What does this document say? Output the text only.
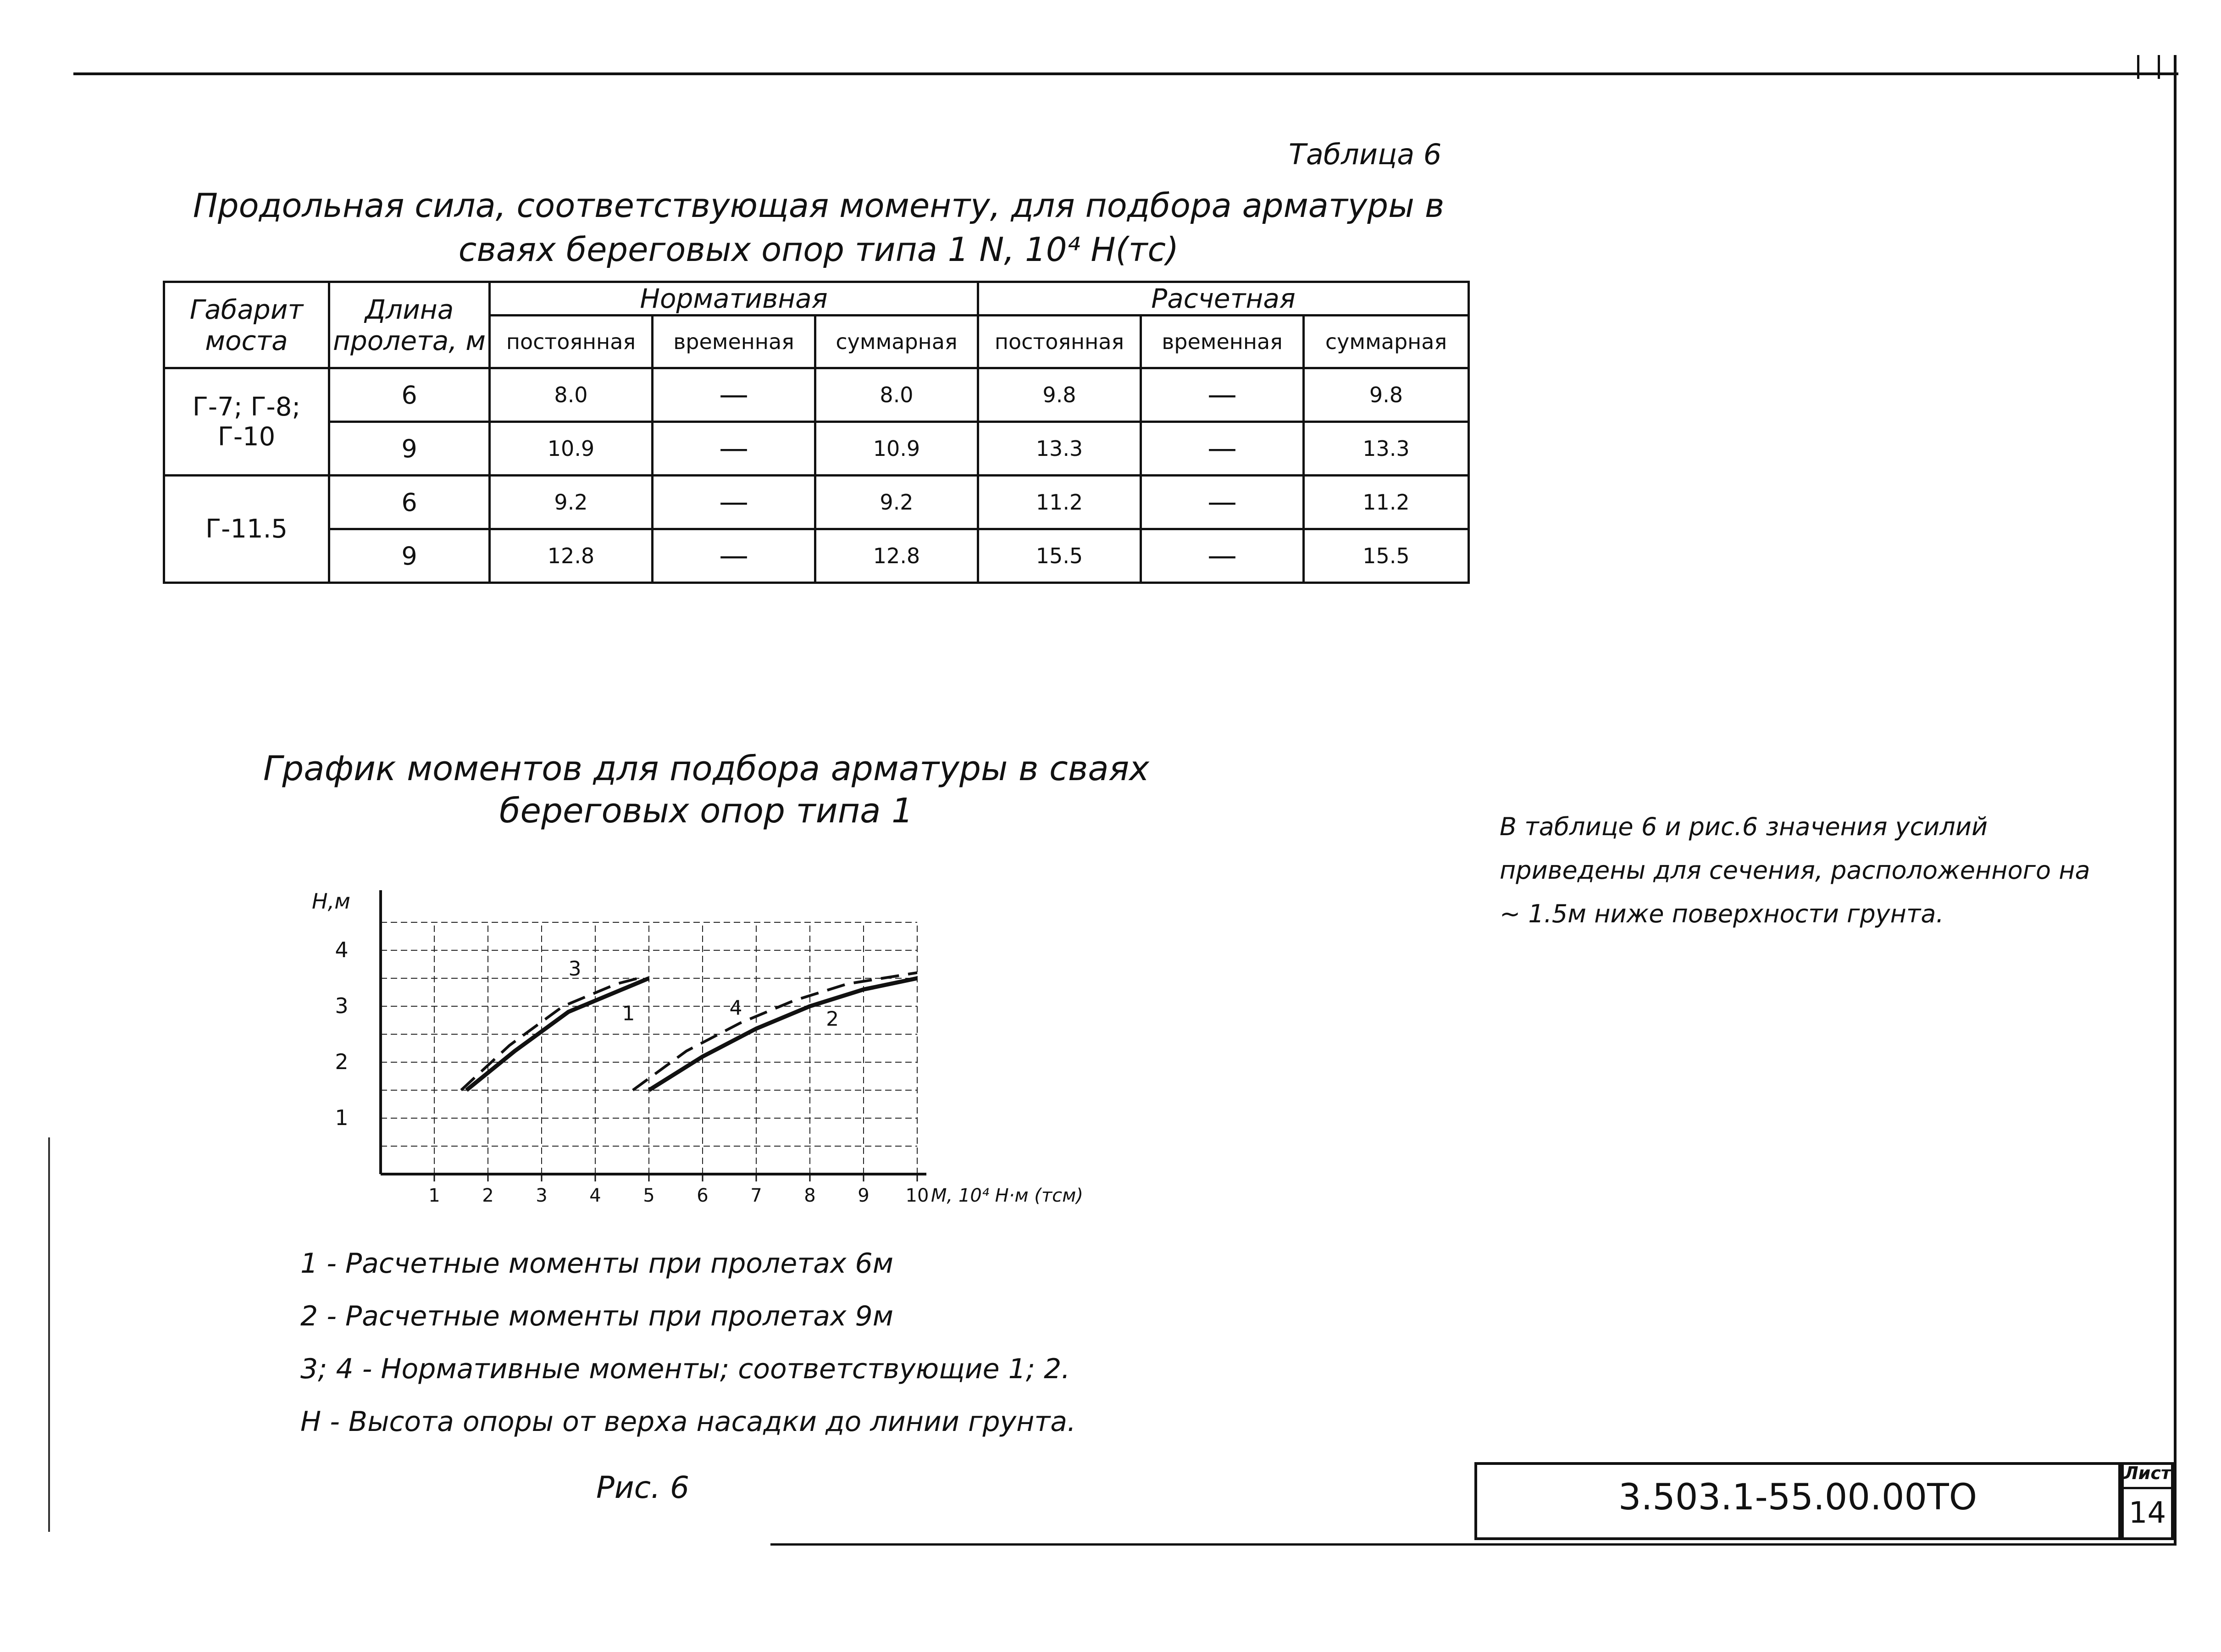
Таблица 6
Продольная сила, соответствующая моменту, для подбора арматуры в сваях береговых опор типа 1 N, 10⁴ Н(тс)
Габарит моста	Длина пролета, м	Нормативная			Расчетная		
		постоянная	временная	суммарная	постоянная	временная	суммарная
Г-7; Г-8; Г-10	6	8.0	—	8.0	9.8	—	9.8
	9	10.9	—	10.9	13.3	—	13.3
Г-11.5	6	9.2	—	9.2	11.2	—	11.2
	9	12.8	—	12.8	15.5	—	15.5
График моментов для подбора арматуры в сваях береговых опор типа 1	В таблице 6 и рис.6 значения усилий приведены для сечения, расположенного на ~ 1.5м ниже поверхности грунта.
1 2 3 4 5 6 7 8 9 10
1
2
3
4
1	2
3
4
Н,м
М, 10⁴ Н·м (тсм)
1 - Расчетные моменты при пролетах 6м
2 - Расчетные моменты при пролетах 9м
3; 4 - Нормативные моменты; соответствующие 1; 2.
Н - Высота опоры от верха насадки до линии грунта.
Рис. 6	3.503.1-55.00.00ТО
Лист
14
